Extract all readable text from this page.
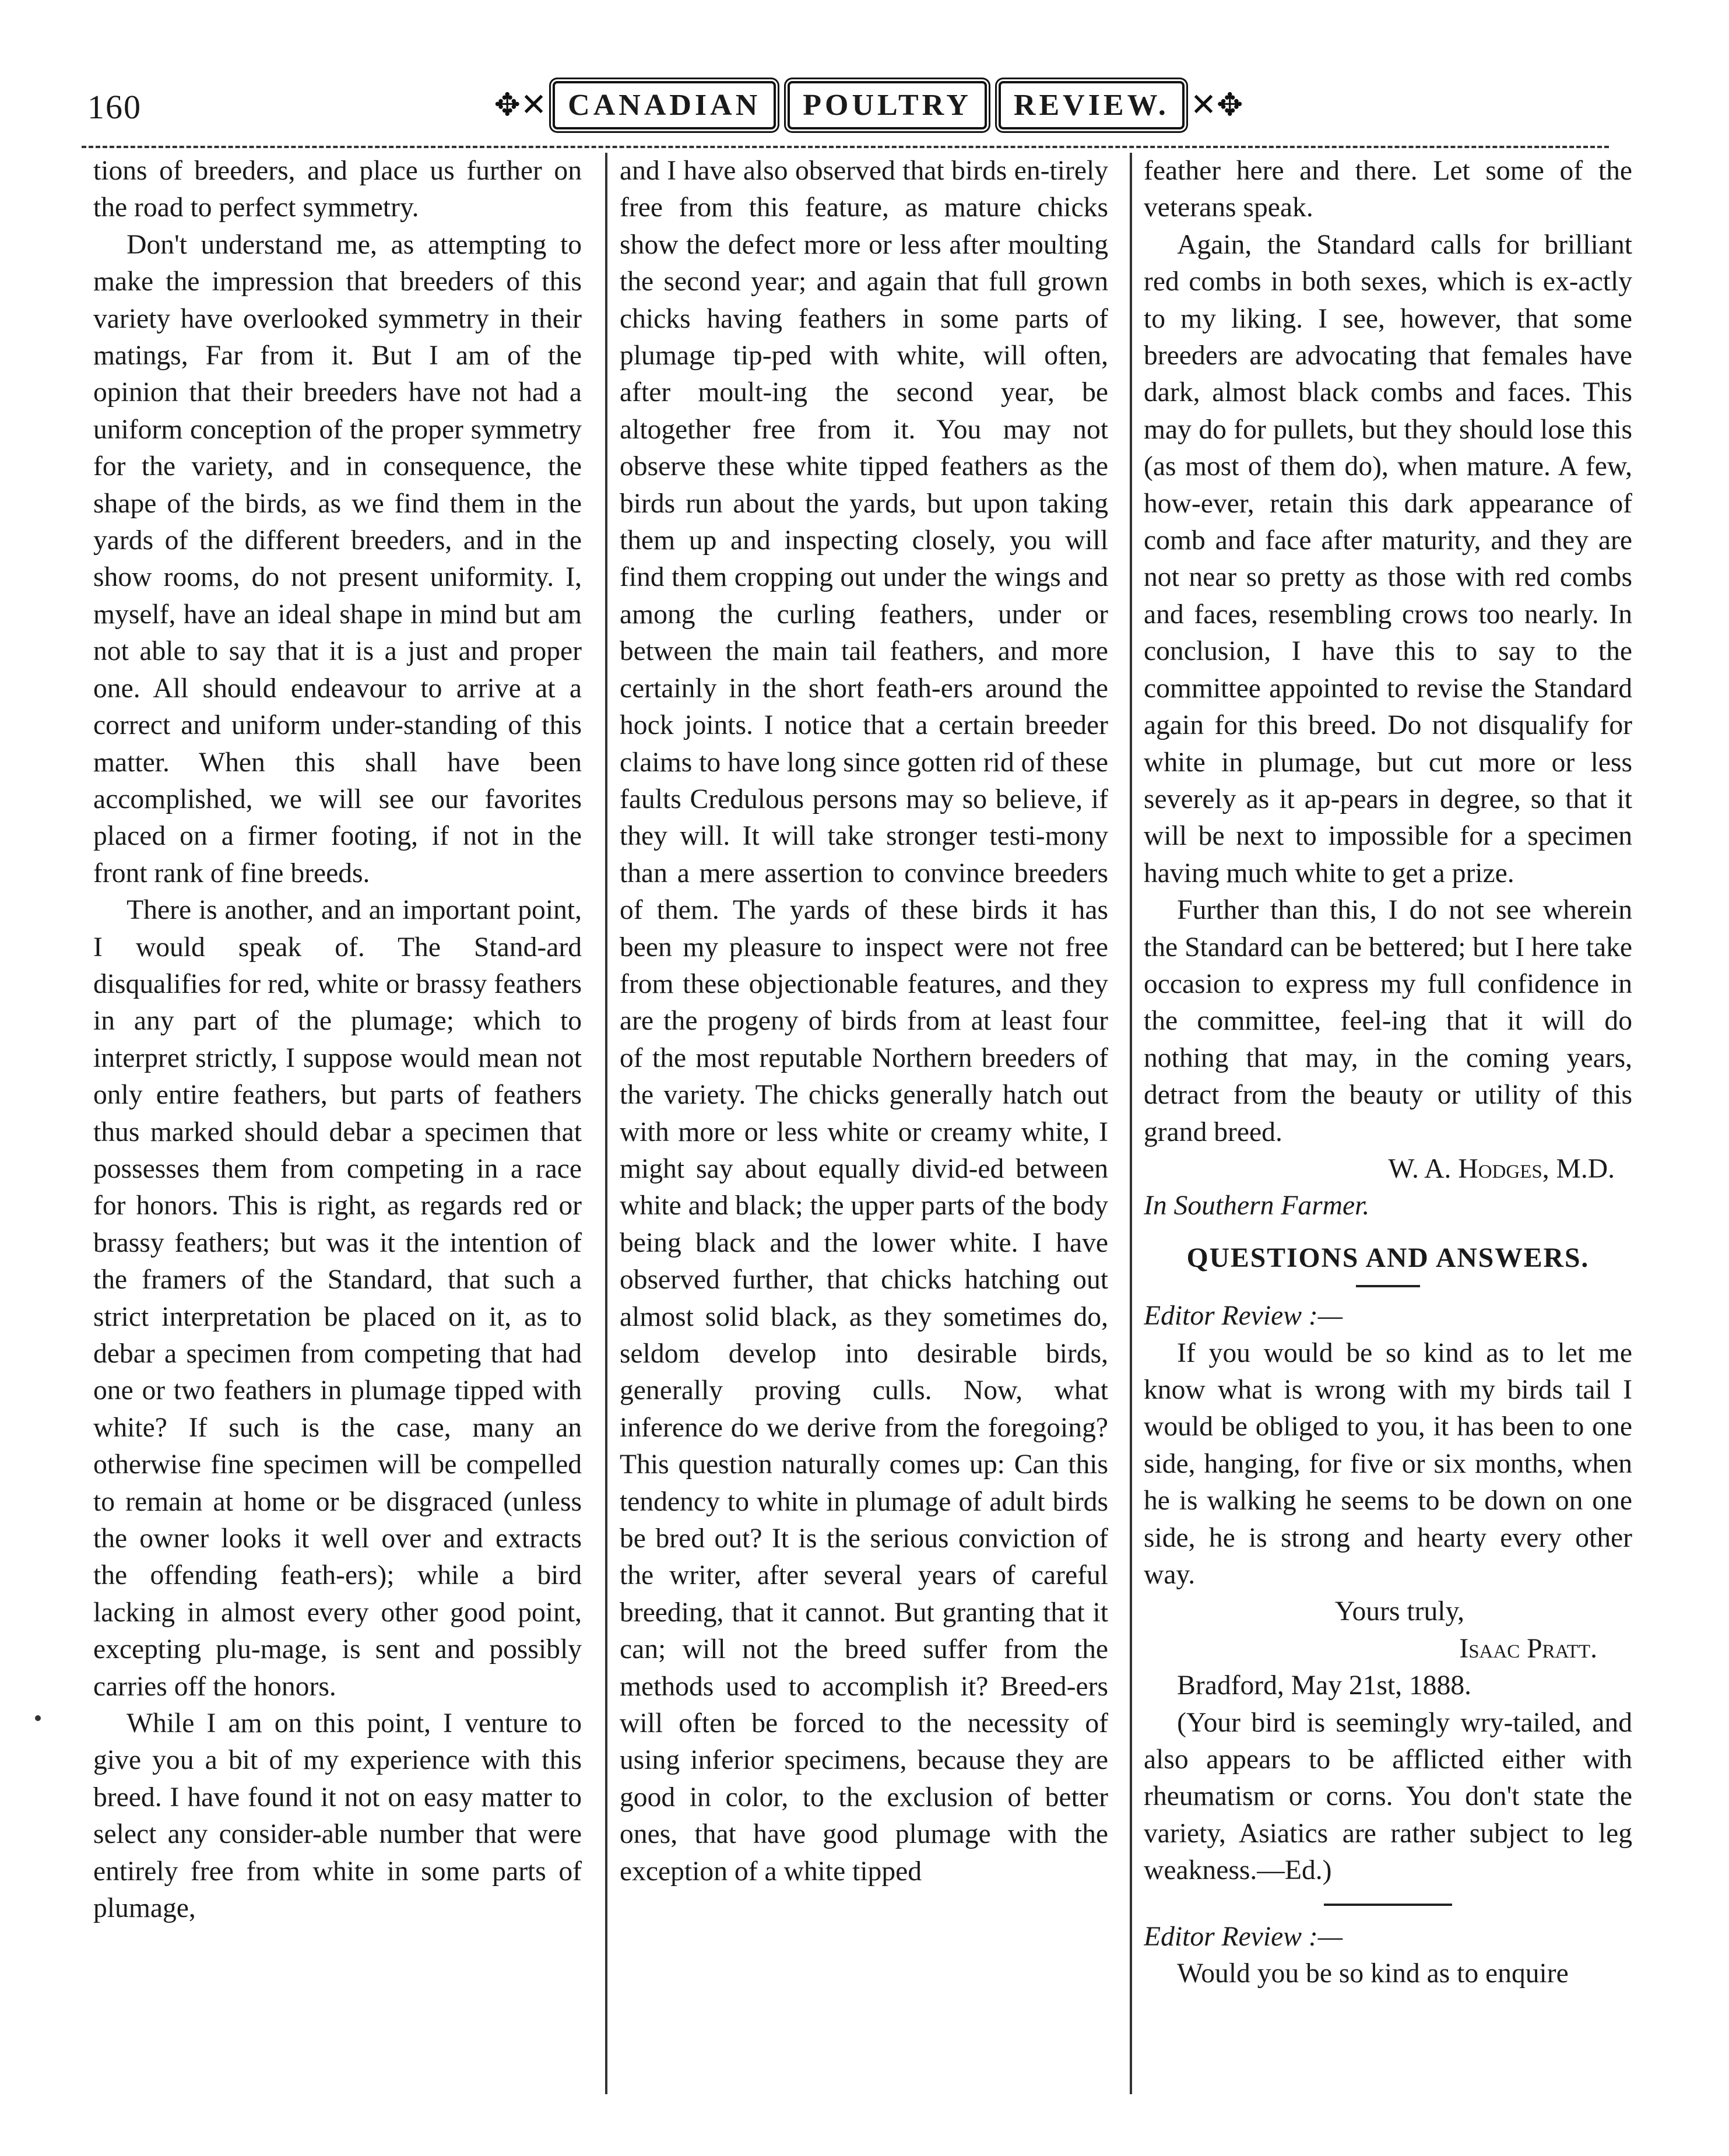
160	✥✕ CANADIAN	POULTRY	REVIEW. ✕✥

tions of breeders, and place us further on the road to perfect symmetry.

Don't understand me, as attempting to make the impression that breeders of this variety have overlooked symmetry in their matings, Far from it. But I am of the opinion that their breeders have not had a uniform conception of the proper symmetry for the variety, and in consequence, the shape of the birds, as we find them in the yards of the different breeders, and in the show rooms, do not present uniformity. I, myself, have an ideal shape in mind but am not able to say that it is a just and proper one. All should endeavour to arrive at a correct and uniform under-standing of this matter. When this shall have been accomplished, we will see our favorites placed on a firmer footing, if not in the front rank of fine breeds.

There is another, and an important point, I would speak of. The Stand-ard disqualifies for red, white or brassy feathers in any part of the plumage; which to interpret strictly, I suppose would mean not only entire feathers, but parts of feathers thus marked should debar a specimen that possesses them from competing in a race for honors. This is right, as regards red or brassy feathers; but was it the intention of the framers of the Standard, that such a strict interpretation be placed on it, as to debar a specimen from competing that had one or two feathers in plumage tipped with white? If such is the case, many an otherwise fine specimen will be compelled to remain at home or be disgraced (unless the owner looks it well over and extracts the offending feath-ers); while a bird lacking in almost every other good point, excepting plu-mage, is sent and possibly carries off the honors.

While I am on this point, I venture to give you a bit of my experience with this breed. I have found it not on easy matter to select any consider-able number that were entirely free from white in some parts of plumage,

and I have also observed that birds en-tirely free from this feature, as mature chicks show the defect more or less after moulting the second year; and again that full grown chicks having feathers in some parts of plumage tip-ped with white, will often, after moult-ing the second year, be altogether free from it. You may not observe these white tipped feathers as the birds run about the yards, but upon taking them up and inspecting closely, you will find them cropping out under the wings and among the curling feathers, under or between the main tail feathers, and more certainly in the short feath-ers around the hock joints. I notice that a certain breeder claims to have long since gotten rid of these faults Credulous persons may so believe, if they will. It will take stronger testi-mony than a mere assertion to convince breeders of them. The yards of these birds it has been my pleasure to inspect were not free from these objectionable features, and they are the progeny of birds from at least four of the most reputable Northern breeders of the variety. The chicks generally hatch out with more or less white or creamy white, I might say about equally divid-ed between white and black; the upper parts of the body being black and the lower white. I have observed further, that chicks hatching out almost solid black, as they sometimes do, seldom develop into desirable birds, generally proving culls. Now, what inference do we derive from the foregoing? This question naturally comes up: Can this tendency to white in plumage of adult birds be bred out? It is the serious conviction of the writer, after several years of careful breeding, that it cannot. But granting that it can; will not the breed suffer from the methods used to accomplish it? Breed-ers will often be forced to the necessity of using inferior specimens, because they are good in color, to the exclusion of better ones, that have good plumage with the exception of a white tipped

feather here and there. Let some of the veterans speak.

Again, the Standard calls for brilliant red combs in both sexes, which is ex-actly to my liking. I see, however, that some breeders are advocating that females have dark, almost black combs and faces. This may do for pullets, but they should lose this (as most of them do), when mature. A few, how-ever, retain this dark appearance of comb and face after maturity, and they are not near so pretty as those with red combs and faces, resembling crows too nearly. In conclusion, I have this to say to the committee appointed to revise the Standard again for this breed. Do not disqualify for white in plumage, but cut more or less severely as it ap-pears in degree, so that it will be next to impossible for a specimen having much white to get a prize.

Further than this, I do not see wherein the Standard can be bettered; but I here take occasion to express my full confidence in the committee, feel-ing that it will do nothing that may, in the coming years, detract from the beauty or utility of this grand breed.

W. A. Hodges, M.D.

In Southern Farmer.

QUESTIONS AND ANSWERS.

Editor Review :—

If you would be so kind as to let me know what is wrong with my birds tail I would be obliged to you, it has been to one side, hanging, for five or six months, when he is walking he seems to be down on one side, he is strong and hearty every other way.

Yours truly,

Isaac Pratt.

Bradford, May 21st, 1888.

(Your bird is seemingly wry-tailed, and also appears to be afflicted either with rheumatism or corns. You don't state the variety, Asiatics are rather subject to leg weakness.—Ed.)

Editor Review :—

Would you be so kind as to enquire
